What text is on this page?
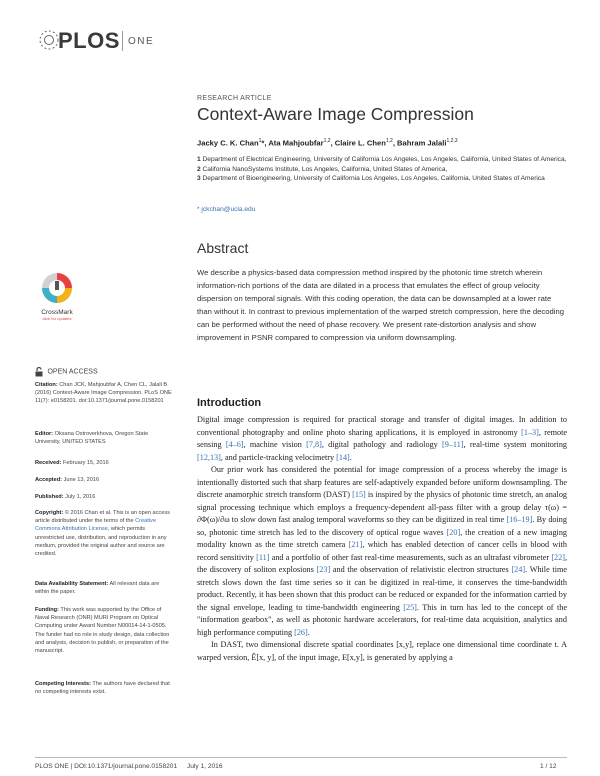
PLOS ONE
RESEARCH ARTICLE
Context-Aware Image Compression
Jacky C. K. Chan$^1$*, Ata Mahjoubfar$^{1,2}$, Claire L. Chen$^{1,2}$, Bahram Jalali$^{1,2,3}$
1 Department of Electrical Engineering, University of California Los Angeles, Los Angeles, California, United States of America, 2 California NanoSystems Institute, Los Angeles, California, United States of America,
3 Department of Bioengineering, University of California Los Angeles, Los Angeles, California, United States of America
* jckchan@ucla.edu
Abstract
We describe a physics-based data compression method inspired by the photonic time stretch wherein information-rich portions of the data are dilated in a process that emulates the effect of group velocity dispersion on temporal signals. With this coding operation, the data can be downsampled at a lower rate than without it. In contrast to previous implementation of the warped stretch compression, here the decoding can be performed without the need of phase recovery. We present rate-distortion analysis and show improvement in PSNR compared to compression via uniform downsampling.
CrossMark
click for updates
OPEN ACCESS
Citation: Chan JCK, Mahjoubfar A, Chen CL, Jalali B (2016) Context-Aware Image Compression. PLoS ONE 11(7): e0158201. doi:10.1371/journal.pone.0158201
Editor: Oksana Ostroverkhova, Oregon State University, UNITED STATES
Received: February 15, 2016
Accepted: June 13, 2016
Published: July 1, 2016
Copyright: © 2016 Chan et al. This is an open access article distributed under the terms of the Creative Commons Attribution License, which permits unrestricted use, distribution, and reproduction in any medium, provided the original author and source are credited.
Data Availability Statement: All relevant data are within the paper.
Funding: This work was supported by the Office of Naval Research (ONR) MURI Program on Optical Computing under Award Number N00014-14-1-0505. The funder had no role in study design, data collection and analysis, decision to publish, or preparation of the manuscript.
Competing Interests: The authors have declared that no competing interests exist.
Introduction

Digital image compression is required for practical storage and transfer of digital images. In addition to conventional photography and online photo sharing applications, it is employed in astronomy [1–3], remote sensing [4–6], machine vision [7,8], digital pathology and radiology [9–11], real-time system monitoring [12,13], and particle-tracking velocimetry [14].

Our prior work has considered the potential for image compression of a process whereby the image is intentionally distorted such that sharp features are self-adaptively expanded before uniform downsampling. The discrete anamorphic stretch transform (DAST) [15] is inspired by the physics of photonic time stretch, an analog signal processing technique which employs a frequency-dependent all-pass filter with a group delay τ(ω) = ∂Φ(ω)/∂ω to slow down fast analog temporal waveforms so they can be digitized in real time [16–19]. By doing so, photonic time stretch has led to the discovery of optical rogue waves [20], the creation of a new imaging modality known as the time stretch camera [21], which has enabled detection of cancer cells in blood with record sensitivity [11] and a portfolio of other fast real-time measurements, such as an ultrafast vibrometer [22], the discovery of soliton explosions [23] and the observation of relativistic electron structures [24]. While time stretch slows down the fast time series so it can be digitized in real-time, it conserves the time-bandwidth product. Recently, it has been shown that this product can be reduced or expanded for the information carried by the signal envelope, leading to time-bandwidth engineering [25]. This in turn has led to the concept of the "information gearbox", as well as photonic hardware accelerators, for real-time data acquisition, analytics and high performance computing [26].

In DAST, two dimensional discrete spatial coordinates [x,y], replace one dimensional time coordinate t. A warped version, Ê[x, y], of the input image, E[x,y], is generated by applying a

PLOS ONE | DOI:10.1371/journal.pone.0158201 July 1, 2016	1 / 12
